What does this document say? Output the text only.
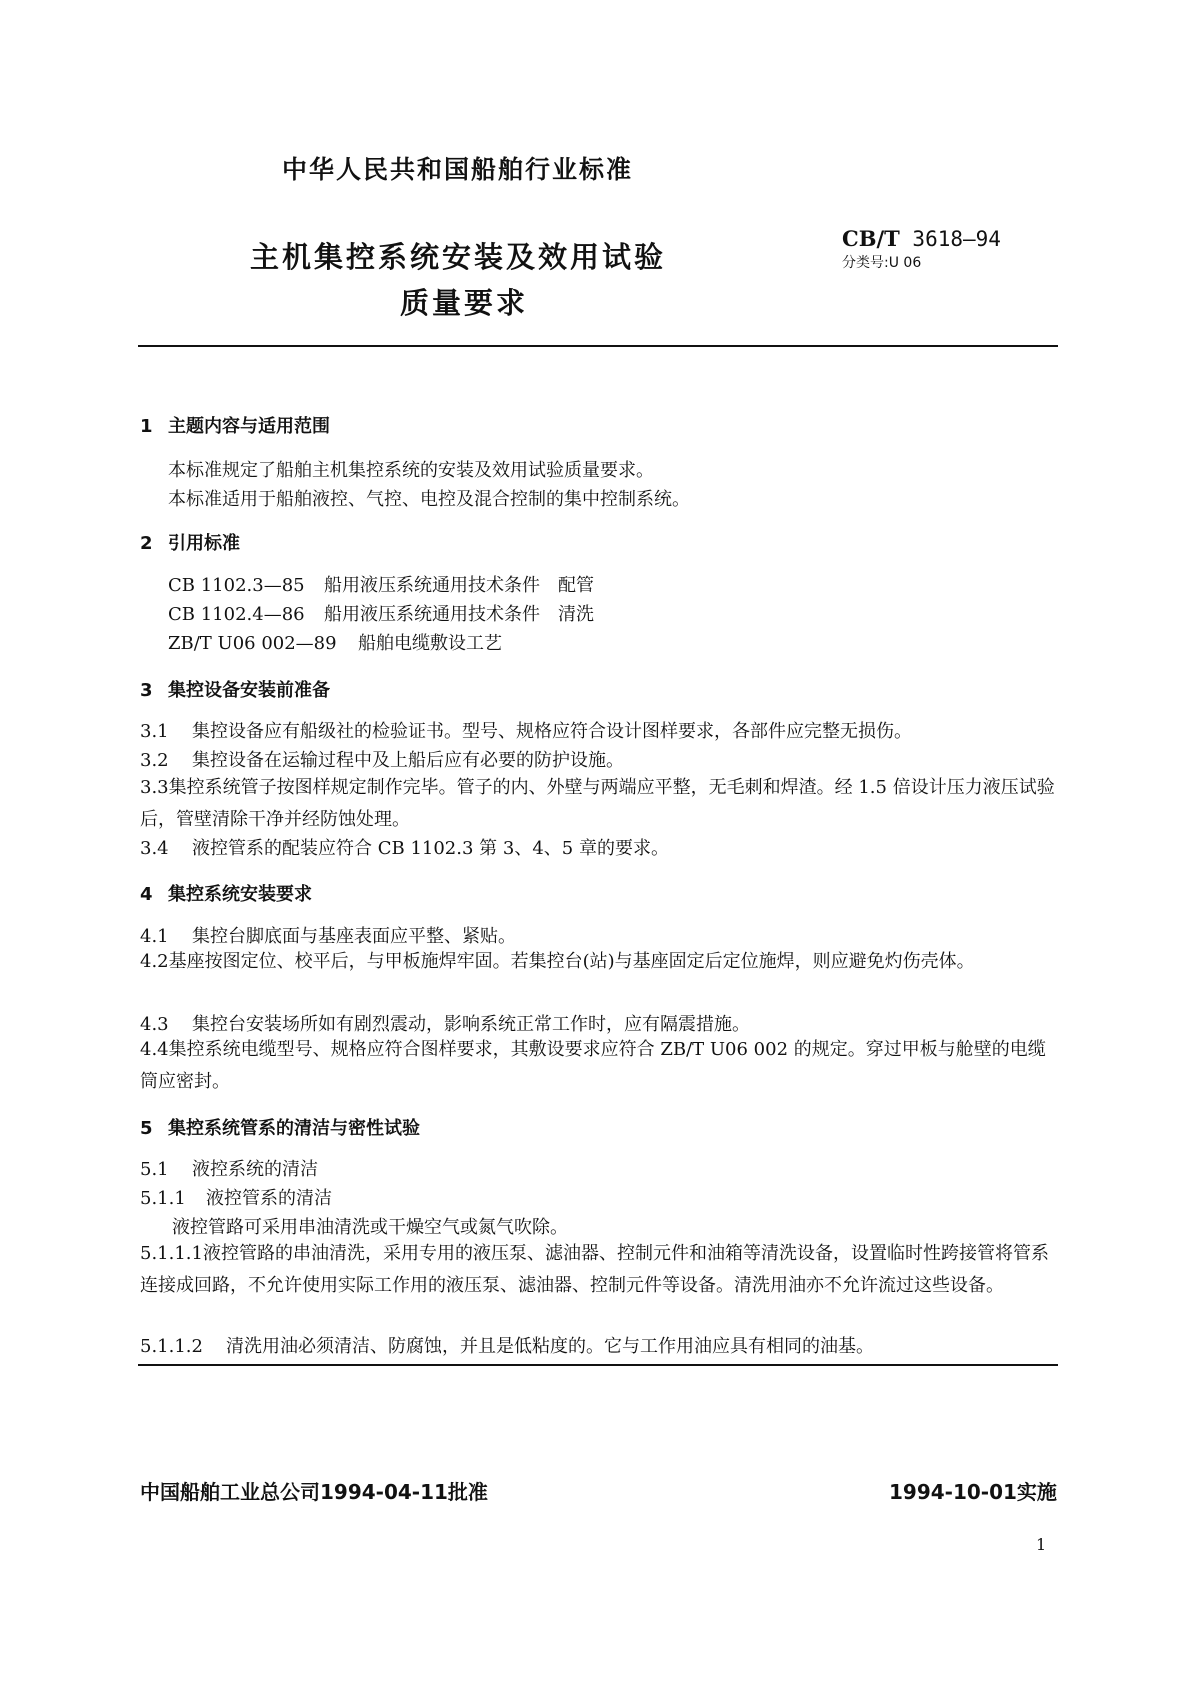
中华人民共和国船舶行业标准
主机集控系统安装及效用试验
质量要求
CB/T 3618—94
分类号:U 06
1 主题内容与适用范围
本标准规定了船舶主机集控系统的安装及效用试验质量要求。
本标准适用于船舶液控、气控、电控及混合控制的集中控制系统。
2 引用标准
CB 1102.3—85 船用液压系统通用技术条件 配管
CB 1102.4—86 船用液压系统通用技术条件 清洗
ZB/T U06 002—89 船舶电缆敷设工艺
3 集控设备安装前准备
3.1 集控设备应有船级社的检验证书。型号、规格应符合设计图样要求，各部件应完整无损伤。
3.2 集控设备在运输过程中及上船后应有必要的防护设施。
3.3集控系统管子按图样规定制作完毕。管子的内、外壁与两端应平整，无毛刺和焊渣。经 1.5 倍设计压力液压试验后，管壁清除干净并经防蚀处理。
3.4 液控管系的配装应符合 CB 1102.3 第 3、4、5 章的要求。
4 集控系统安装要求
4.1 集控台脚底面与基座表面应平整、紧贴。
4.2基座按图定位、校平后，与甲板施焊牢固。若集控台(站)与基座固定后定位施焊，则应避免灼伤壳体。
4.3 集控台安装场所如有剧烈震动，影响系统正常工作时，应有隔震措施。
4.4集控系统电缆型号、规格应符合图样要求，其敷设要求应符合 ZB/T U06 002 的规定。穿过甲板与舱壁的电缆筒应密封。
5 集控系统管系的清洁与密性试验
5.1 液控系统的清洁
5.1.1 液控管系的清洁
液控管路可采用串油清洗或干燥空气或氮气吹除。
5.1.1.1液控管路的串油清洗，采用专用的液压泵、滤油器、控制元件和油箱等清洗设备，设置临时性跨接管将管系连接成回路，不允许使用实际工作用的液压泵、滤油器、控制元件等设备。清洗用油亦不允许流过这些设备。
5.1.1.2 清洗用油必须清洁、防腐蚀，并且是低粘度的。它与工作用油应具有相同的油基。
中国船舶工业总公司1994-04-11批准	1994-10-01实施
1
